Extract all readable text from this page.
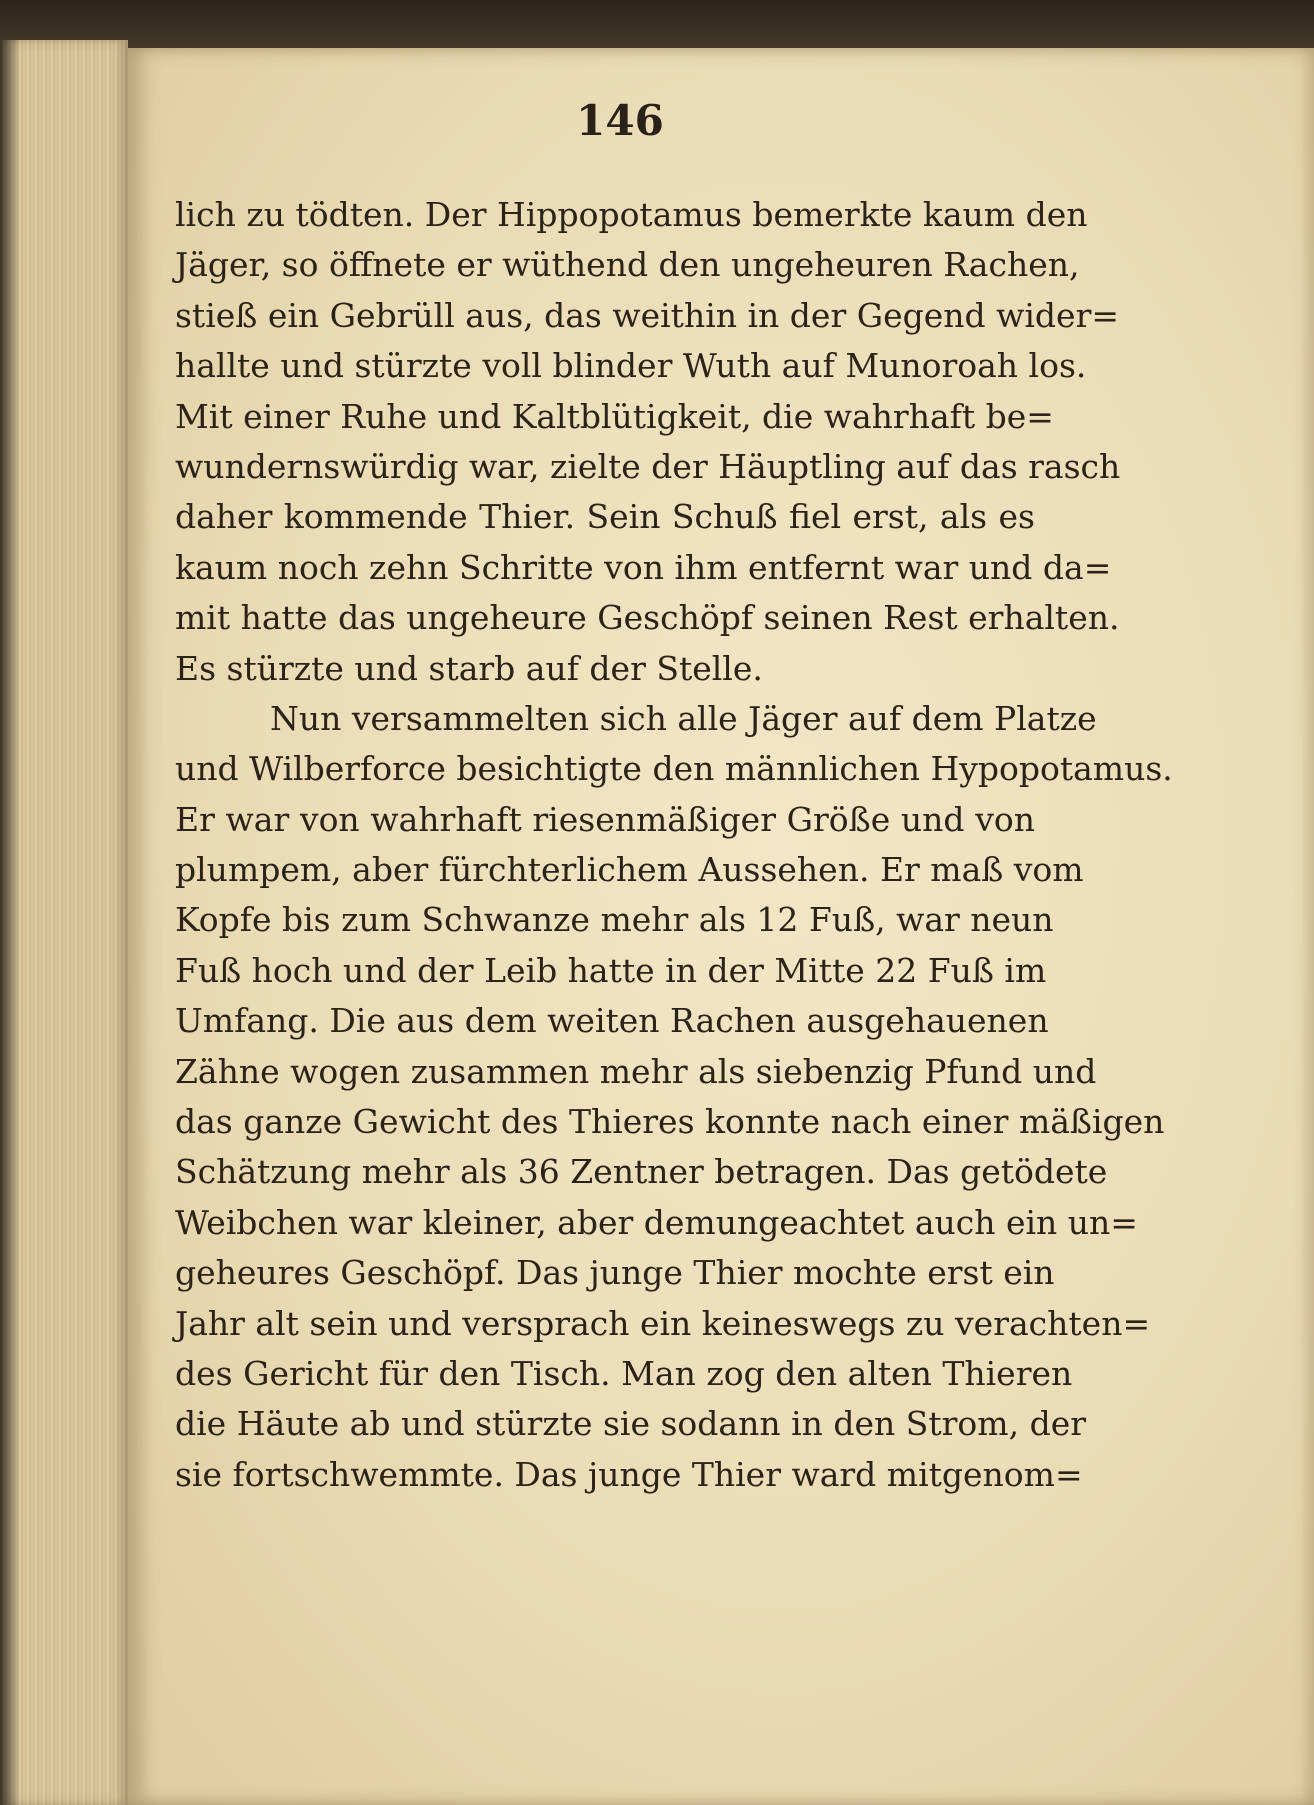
146
lich zu tödten. Der Hippopotamus bemerkte kaum den
Jäger, so öffnete er wüthend den ungeheuren Rachen,
stieß ein Gebrüll aus, das weithin in der Gegend wider=
hallte und stürzte voll blinder Wuth auf Munoroah los.
Mit einer Ruhe und Kaltblütigkeit, die wahrhaft be=
wundernswürdig war, zielte der Häuptling auf das rasch
daher kommende Thier. Sein Schuß fiel erst, als es
kaum noch zehn Schritte von ihm entfernt war und da=
mit hatte das ungeheure Geschöpf seinen Rest erhalten.
Es stürzte und starb auf der Stelle.
Nun versammelten sich alle Jäger auf dem Platze
und Wilberforce besichtigte den männlichen Hypopotamus.
Er war von wahrhaft riesenmäßiger Größe und von
plumpem, aber fürchterlichem Aussehen. Er maß vom
Kopfe bis zum Schwanze mehr als 12 Fuß, war neun
Fuß hoch und der Leib hatte in der Mitte 22 Fuß im
Umfang. Die aus dem weiten Rachen ausgehauenen
Zähne wogen zusammen mehr als siebenzig Pfund und
das ganze Gewicht des Thieres konnte nach einer mäßigen
Schätzung mehr als 36 Zentner betragen. Das getödete
Weibchen war kleiner, aber demungeachtet auch ein un=
geheures Geschöpf. Das junge Thier mochte erst ein
Jahr alt sein und versprach ein keineswegs zu verachten=
des Gericht für den Tisch. Man zog den alten Thieren
die Häute ab und stürzte sie sodann in den Strom, der
sie fortschwemmte. Das junge Thier ward mitgenom=
